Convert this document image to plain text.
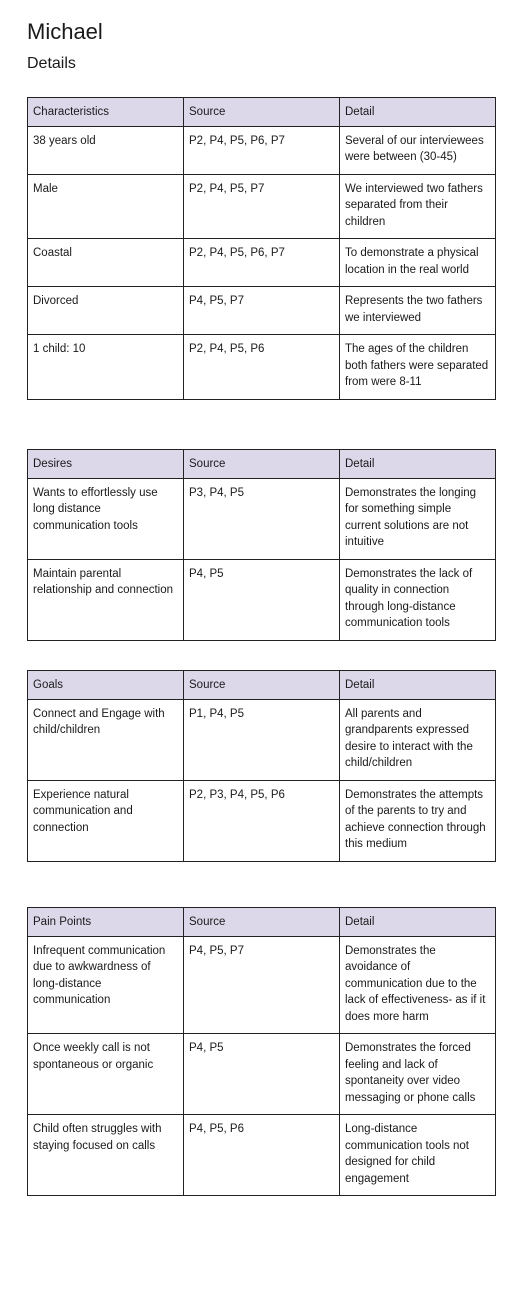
Michael
Details
Characteristics	Source	Detail
38 years old	P2, P4, P5, P6, P7	Several of our interviewees were between (30-45)
Male	P2, P4, P5, P7	We interviewed two fathers separated from their children
Coastal	P2, P4, P5, P6, P7	To demonstrate a physical location in the real world
Divorced	P4, P5, P7	Represents the two fathers we interviewed
1 child: 10	P2, P4, P5, P6	The ages of the children both fathers were separated from were 8-11
Desires	Source	Detail
Wants to effortlessly use long distance communication tools	P3, P4, P5	Demonstrates the longing for something simple current solutions are not intuitive
Maintain parental relationship and connection	P4, P5	Demonstrates the lack of quality in connection through long-distance communication tools
Goals	Source	Detail
Connect and Engage with child/children	P1, P4, P5	All parents and grandparents expressed desire to interact with the child/children
Experience natural communication and connection	P2, P3, P4, P5, P6	Demonstrates the attempts of the parents to try and achieve connection through this medium
Pain Points	Source	Detail
Infrequent communication due to awkwardness of long-distance communication	P4, P5, P7	Demonstrates the avoidance of communication due to the lack of effectiveness- as if it does more harm
Once weekly call is not spontaneous or organic	P4, P5	Demonstrates the forced feeling and lack of spontaneity over video messaging or phone calls
Child often struggles with staying focused on calls	P4, P5, P6	Long-distance communication tools not designed for child engagement
